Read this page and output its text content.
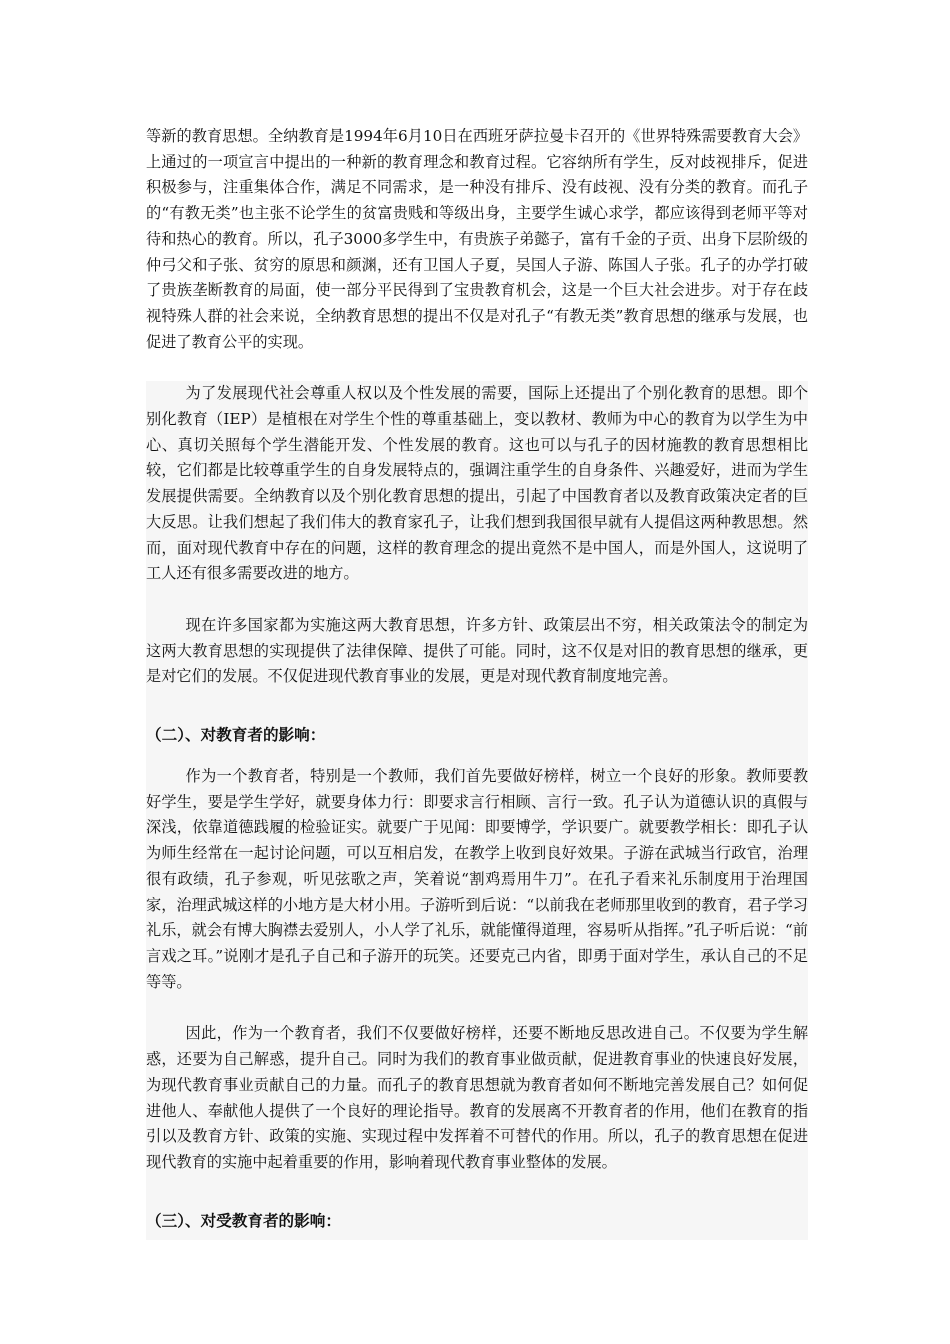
等新的教育思想。全纳教育是1994年6月10日在西班牙萨拉曼卡召开的《世界特殊需要教育大会》上通过的一项宣言中提出的一种新的教育理念和教育过程。它容纳所有学生，反对歧视排斥，促进积极参与，注重集体合作，满足不同需求，是一种没有排斥、没有歧视、没有分类的教育。而孔子的“有教无类”也主张不论学生的贫富贵贱和等级出身，主要学生诚心求学，都应该得到老师平等对待和热心的教育。所以，孔子3000多学生中，有贵族子弟懿子，富有千金的子贡、出身下层阶级的仲弓父和子张、贫穷的原思和颜渊，还有卫国人子夏，吴国人子游、陈国人子张。孔子的办学打破了贵族垄断教育的局面，使一部分平民得到了宝贵教育机会，这是一个巨大社会进步。对于存在歧视特殊人群的社会来说，全纳教育思想的提出不仅是对孔子“有教无类”教育思想的继承与发展，也促进了教育公平的实现。

为了发展现代社会尊重人权以及个性发展的需要，国际上还提出了个别化教育的思想。即个别化教育（IEP）是植根在对学生个性的尊重基础上，变以教材、教师为中心的教育为以学生为中心、真切关照每个学生潜能开发、个性发展的教育。这也可以与孔子的因材施教的教育思想相比较，它们都是比较尊重学生的自身发展特点的，强调注重学生的自身条件、兴趣爱好，进而为学生发展提供需要。全纳教育以及个别化教育思想的提出，引起了中国教育者以及教育政策决定者的巨大反思。让我们想起了我们伟大的教育家孔子，让我们想到我国很早就有人提倡这两种教思想。然而，面对现代教育中存在的问题，这样的教育理念的提出竟然不是中国人，而是外国人，这说明了工人还有很多需要改进的地方。

现在许多国家都为实施这两大教育思想，许多方针、政策层出不穷，相关政策法令的制定为这两大教育思想的实现提供了法律保障、提供了可能。同时，这不仅是对旧的教育思想的继承，更是对它们的发展。不仅促进现代教育事业的发展，更是对现代教育制度地完善。

（二）、对教育者的影响：

作为一个教育者，特别是一个教师，我们首先要做好榜样，树立一个良好的形象。教师要教好学生，要是学生学好，就要身体力行：即要求言行相顾、言行一致。孔子认为道德认识的真假与深浅，依靠道德践履的检验证实。就要广于见闻：即要博学，学识要广。就要教学相长：即孔子认为师生经常在一起讨论问题，可以互相启发，在教学上收到良好效果。子游在武城当行政官，治理很有政绩，孔子参观，听见弦歌之声，笑着说“割鸡焉用牛刀”。在孔子看来礼乐制度用于治理国家，治理武城这样的小地方是大材小用。子游听到后说：“以前我在老师那里收到的教育，君子学习礼乐，就会有博大胸襟去爱别人，小人学了礼乐，就能懂得道理，容易听从指挥。”孔子听后说：“前言戏之耳。”说刚才是孔子自己和子游开的玩笑。还要克己内省，即勇于面对学生，承认自己的不足等等。

因此，作为一个教育者，我们不仅要做好榜样，还要不断地反思改进自己。不仅要为学生解惑，还要为自己解惑，提升自己。同时为我们的教育事业做贡献，促进教育事业的快速良好发展，为现代教育事业贡献自己的力量。而孔子的教育思想就为教育者如何不断地完善发展自己？如何促进他人、奉献他人提供了一个良好的理论指导。教育的发展离不开教育者的作用，他们在教育的指引以及教育方针、政策的实施、实现过程中发挥着不可替代的作用。所以，孔子的教育思想在促进现代教育的实施中起着重要的作用，影响着现代教育事业整体的发展。

（三）、对受教育者的影响：
